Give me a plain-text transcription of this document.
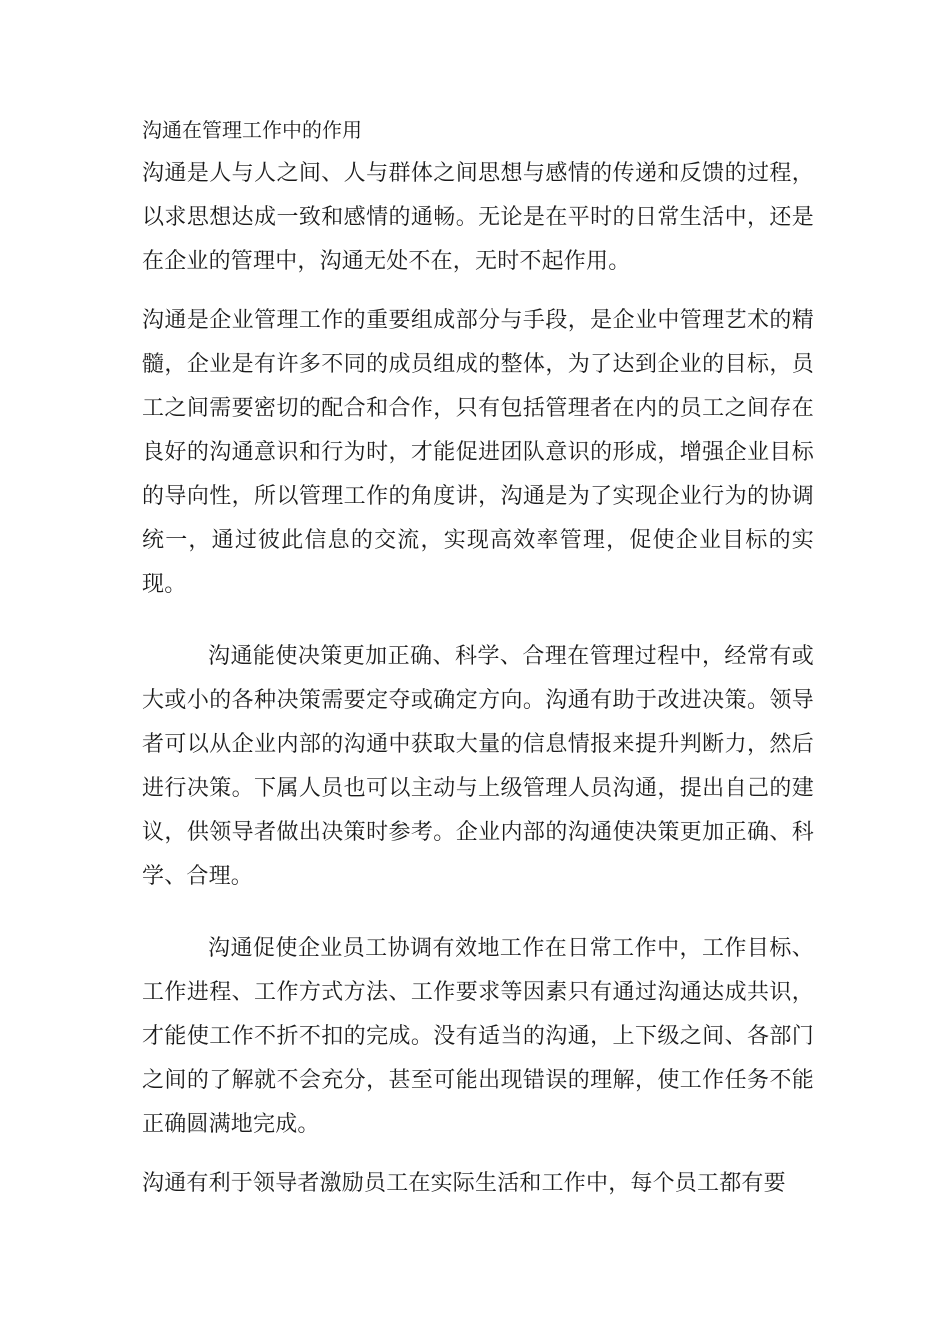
沟通在管理工作中的作用

沟通是人与人之间、人与群体之间思想与感情的传递和反馈的过程，以求思想达成一致和感情的通畅。无论是在平时的日常生活中，还是在企业的管理中，沟通无处不在，无时不起作用。

沟通是企业管理工作的重要组成部分与手段，是企业中管理艺术的精髓，企业是有许多不同的成员组成的整体，为了达到企业的目标，员工之间需要密切的配合和合作，只有包括管理者在内的员工之间存在良好的沟通意识和行为时，才能促进团队意识的形成，增强企业目标的导向性，所以管理工作的角度讲，沟通是为了实现企业行为的协调统一，通过彼此信息的交流，实现高效率管理，促使企业目标的实现。

沟通能使决策更加正确、科学、合理在管理过程中，经常有或大或小的各种决策需要定夺或确定方向。沟通有助于改进决策。领导者可以从企业内部的沟通中获取大量的信息情报来提升判断力，然后进行决策。下属人员也可以主动与上级管理人员沟通，提出自己的建议，供领导者做出决策时参考。企业内部的沟通使决策更加正确、科学、合理。

沟通促使企业员工协调有效地工作在日常工作中，工作目标、工作进程、工作方式方法、工作要求等因素只有通过沟通达成共识，才能使工作不折不扣的完成。没有适当的沟通，上下级之间、各部门之间的了解就不会充分，甚至可能出现错误的理解，使工作任务不能正确圆满地完成。

沟通有利于领导者激励员工在实际生活和工作中，每个员工都有要
